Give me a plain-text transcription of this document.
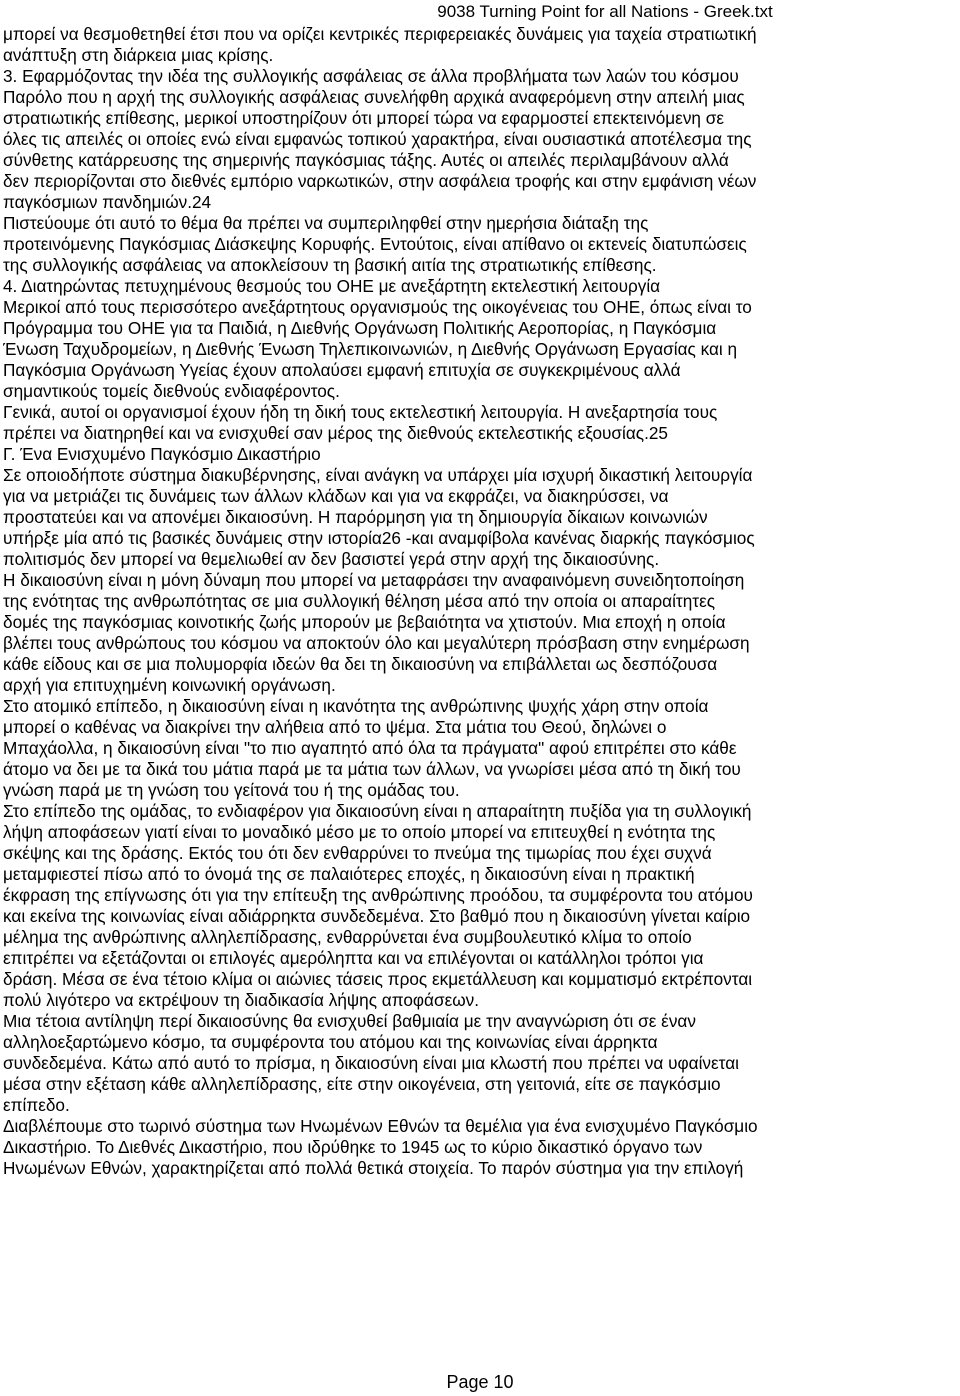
9038 Turning Point for all Nations - Greek.txt
μπορεί να θεσμοθετηθεί έτσι που να ορίζει κεντρικές περιφερειακές δυνάμεις για ταχεία στρατιωτική
ανάπτυξη στη διάρκεια μιας κρίσης.
3. Εφαρμόζοντας την ιδέα της συλλογικής ασφάλειας σε άλλα προβλήματα των λαών του κόσμου
Παρόλο που η αρχή της συλλογικής ασφάλειας συνελήφθη αρχικά αναφερόμενη στην απειλή μιας
στρατιωτικής επίθεσης, μερικοί υποστηρίζουν ότι μπορεί τώρα να εφαρμοστεί επεκτεινόμενη σε
όλες τις απειλές οι οποίες ενώ είναι εμφανώς τοπικού χαρακτήρα, είναι ουσιαστικά αποτέλεσμα της
σύνθετης κατάρρευσης της σημερινής παγκόσμιας τάξης. Αυτές οι απειλές περιλαμβάνουν αλλά
δεν περιορίζονται στο διεθνές εμπόριο ναρκωτικών, στην ασφάλεια τροφής και στην εμφάνιση νέων
παγκόσμιων πανδημιών.24
Πιστεύουμε ότι αυτό το θέμα θα πρέπει να συμπεριληφθεί στην ημερήσια διάταξη της
προτεινόμενης Παγκόσμιας Διάσκεψης Κορυφής. Εντούτοις, είναι απίθανο οι εκτενείς διατυπώσεις
της συλλογικής ασφάλειας να αποκλείσουν τη βασική αιτία της στρατιωτικής επίθεσης.
4. Διατηρώντας πετυχημένους θεσμούς του ΟΗΕ με ανεξάρτητη εκτελεστική λειτουργία
Μερικοί από τους περισσότερο ανεξάρτητους οργανισμούς της οικογένειας του ΟΗΕ, όπως είναι το
Πρόγραμμα του ΟΗΕ για τα Παιδιά, η Διεθνής Οργάνωση Πολιτικής Αεροπορίας, η Παγκόσμια
Ένωση Ταχυδρομείων, η Διεθνής Ένωση Τηλεπικοινωνιών, η Διεθνής Οργάνωση Εργασίας και η
Παγκόσμια Οργάνωση Υγείας έχουν απολαύσει εμφανή επιτυχία σε συγκεκριμένους αλλά
σημαντικούς τομείς διεθνούς ενδιαφέροντος.
Γενικά, αυτοί οι οργανισμοί έχουν ήδη τη δική τους εκτελεστική λειτουργία. Η ανεξαρτησία τους
πρέπει να διατηρηθεί και να ενισχυθεί σαν μέρος της διεθνούς εκτελεστικής εξουσίας.25
Γ. Ένα Ενισχυμένο Παγκόσμιο Δικαστήριο
Σε οποιοδήποτε σύστημα διακυβέρνησης, είναι ανάγκη να υπάρχει μία ισχυρή δικαστική λειτουργία
για να μετριάζει τις δυνάμεις των άλλων κλάδων και για να εκφράζει, να διακηρύσσει, να
προστατεύει και να απονέμει δικαιοσύνη. Η παρόρμηση για τη δημιουργία δίκαιων κοινωνιών
υπήρξε μία από τις βασικές δυνάμεις στην ιστορία26 -και αναμφίβολα κανένας διαρκής παγκόσμιος
πολιτισμός δεν μπορεί να θεμελιωθεί αν δεν βασιστεί γερά στην αρχή της δικαιοσύνης.
Η δικαιοσύνη είναι η μόνη δύναμη που μπορεί να μεταφράσει την αναφαινόμενη συνειδητοποίηση
της ενότητας της ανθρωπότητας σε μια συλλογική θέληση μέσα από την οποία οι απαραίτητες
δομές της παγκόσμιας κοινοτικής ζωής μπορούν με βεβαιότητα να χτιστούν. Μια εποχή η οποία
βλέπει τους ανθρώπους του κόσμου να αποκτούν όλο και μεγαλύτερη πρόσβαση στην ενημέρωση
κάθε είδους και σε μια πολυμορφία ιδεών θα δει τη δικαιοσύνη να επιβάλλεται ως δεσπόζουσα
αρχή για επιτυχημένη κοινωνική οργάνωση.
Στο ατομικό επίπεδο, η δικαιοσύνη είναι η ικανότητα της ανθρώπινης ψυχής χάρη στην οποία
μπορεί ο καθένας να διακρίνει την αλήθεια από το ψέμα. Στα μάτια του Θεού, δηλώνει ο
Μπαχάολλα, η δικαιοσύνη είναι "το πιο αγαπητό από όλα τα πράγματα" αφού επιτρέπει στο κάθε
άτομο να δει με τα δικά του μάτια παρά με τα μάτια των άλλων, να γνωρίσει μέσα από τη δική του
γνώση παρά με τη γνώση του γείτονά του ή της ομάδας του.
Στο επίπεδο της ομάδας, το ενδιαφέρον για δικαιοσύνη είναι η απαραίτητη πυξίδα για τη συλλογική
λήψη αποφάσεων γιατί είναι το μοναδικό μέσο με το οποίο μπορεί να επιτευχθεί η ενότητα της
σκέψης και της δράσης. Εκτός του ότι δεν ενθαρρύνει το πνεύμα της τιμωρίας που έχει συχνά
μεταμφιεστεί πίσω από το όνομά της σε παλαιότερες εποχές, η δικαιοσύνη είναι η πρακτική
έκφραση της επίγνωσης ότι για την επίτευξη της ανθρώπινης προόδου, τα συμφέροντα του ατόμου
και εκείνα της κοινωνίας είναι αδιάρρηκτα συνδεδεμένα. Στο βαθμό που η δικαιοσύνη γίνεται καίριο
μέλημα της ανθρώπινης αλληλεπίδρασης, ενθαρρύνεται ένα συμβουλευτικό κλίμα το οποίο
επιτρέπει να εξετάζονται οι επιλογές αμερόληπτα και να επιλέγονται οι κατάλληλοι τρόποι για
δράση. Μέσα σε ένα τέτοιο κλίμα οι αιώνιες τάσεις προς εκμετάλλευση και κομματισμό εκτρέπονται
πολύ λιγότερο να εκτρέψουν τη διαδικασία λήψης αποφάσεων.
Μια τέτοια αντίληψη περί δικαιοσύνης θα ενισχυθεί βαθμιαία με την αναγνώριση ότι σε έναν
αλληλοεξαρτώμενο κόσμο, τα συμφέροντα του ατόμου και της κοινωνίας είναι άρρηκτα
συνδεδεμένα. Κάτω από αυτό το πρίσμα, η δικαιοσύνη είναι μια κλωστή που πρέπει να υφαίνεται
μέσα στην εξέταση κάθε αλληλεπίδρασης, είτε στην οικογένεια, στη γειτονιά, είτε σε παγκόσμιο
επίπεδο.
Διαβλέπουμε στο τωρινό σύστημα των Ηνωμένων Εθνών τα θεμέλια για ένα ενισχυμένο Παγκόσμιο
Δικαστήριο. Το Διεθνές Δικαστήριο, που ιδρύθηκε το 1945 ως το κύριο δικαστικό όργανο των
Ηνωμένων Εθνών, χαρακτηρίζεται από πολλά θετικά στοιχεία. Το παρόν σύστημα για την επιλογή
Page 10
